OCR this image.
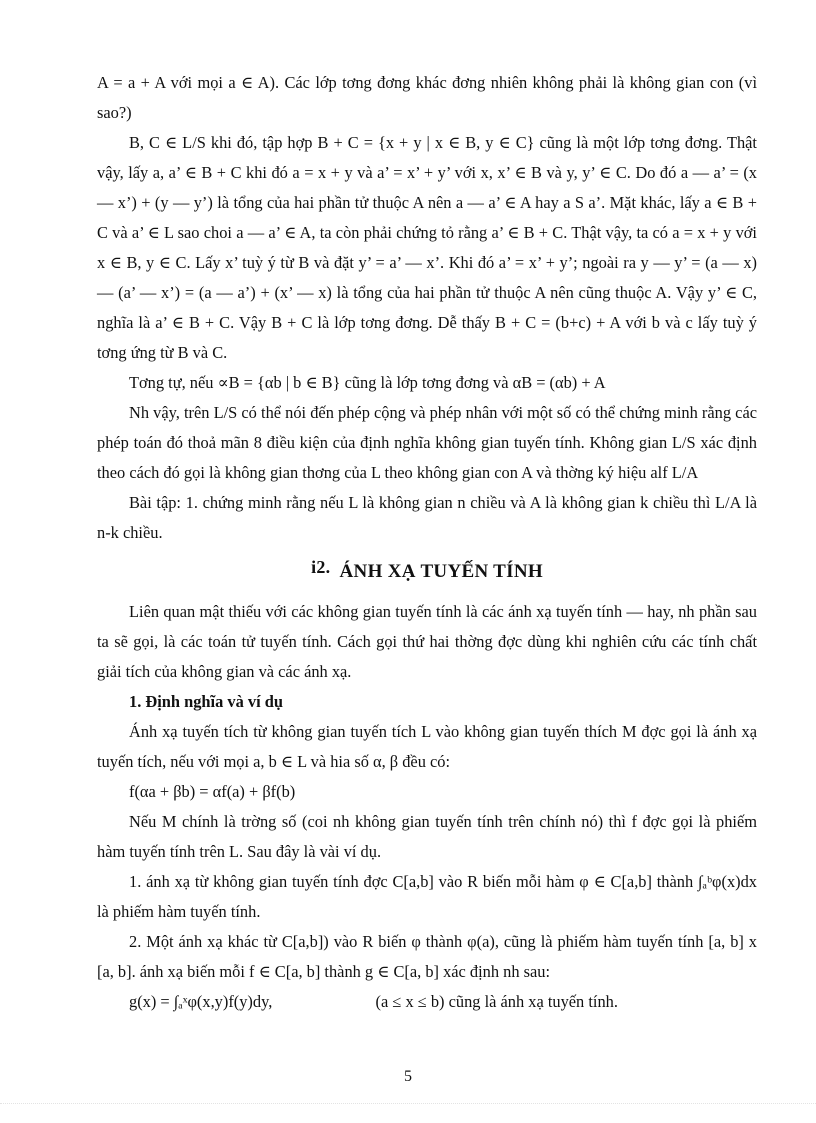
A = a + A với mọi a ∈ A). Các lớp tơng đơng khác đơng nhiên không phải là không gian con (vì sao?)

B, C ∈ L/S khi đó, tập hợp B + C = {x + y | x ∈ B, y ∈ C} cũng là một lớp tơng đơng. Thật vậy, lấy a, a’ ∈ B + C khi đó a = x + y và a’ = x’ + y’ với x, x’ ∈ B và y, y’ ∈ C. Do đó a — a’ = (x — x’) + (y — y’) là tổng của hai phần tử thuộc A nên a — a’ ∈ A hay a S a’. Mặt khác, lấy a ∈ B + C và a’ ∈ L sao choi a — a’ ∈ A, ta còn phải chứng tỏ rằng a’ ∈ B + C. Thật vậy, ta có a = x + y với x ∈ B, y ∈ C. Lấy x’ tuỳ ý từ B và đặt y’ = a’ — x’. Khi đó a’ = x’ + y’; ngoài ra y — y’ = (a — x) — (a’ — x’) = (a — a’) + (x’ — x) là tổng của hai phần tử thuộc A nên cũng thuộc A. Vậy y’ ∈ C, nghĩa là a’ ∈ B + C. Vậy B + C là lớp tơng đơng. Dễ thấy B + C = (b+c) + A với b và c lấy tuỳ ý tơng ứng từ B và C.

Tơng tự, nếu ∝B = {αb | b ∈ B} cũng là lớp tơng đơng và αB = (αb) + A

Nh vậy, trên L/S có thể nói đến phép cộng và phép nhân với một số có thể chứng minh rằng các phép toán đó thoả mãn 8 điều kiện của định nghĩa không gian tuyến tính. Không gian L/S xác định theo cách đó gọi là không gian thơng của L theo không gian con A và thờng ký hiệu alf L/A

Bài tập: 1. chứng minh rằng nếu L là không gian n chiều và A là không gian k chiều thì L/A là n-k chiều.

i2. ÁNH XẠ TUYẾN TÍNH

Liên quan mật thiếu với các không gian tuyến tính là các ánh xạ tuyến tính — hay, nh phần sau ta sẽ gọi, là các toán tử tuyến tính. Cách gọi thứ hai thờng đợc dùng khi nghiên cứu các tính chất giải tích của không gian và các ánh xạ.

1. Định nghĩa và ví dụ

Ánh xạ tuyến tích từ không gian tuyến tích L vào không gian tuyến thích M đợc gọi là ánh xạ tuyến tích, nếu với mọi a, b ∈ L và hia số α, β đều có:

f(αa + βb) = αf(a) + βf(b)

Nếu M chính là trờng số (coi nh không gian tuyến tính trên chính nó) thì f đợc gọi là phiếm hàm tuyến tính trên L. Sau đây là vài ví dụ.

1. ánh xạ từ không gian tuyến tính đợc C[a,b] vào R biến mỗi hàm φ ∈ C[a,b] thành ∫ₐᵇφ(x)dx là phiếm hàm tuyến tính.

2. Một ánh xạ khác từ C[a,b]) vào R biến φ thành φ(a), cũng là phiếm hàm tuyến tính [a, b] x [a, b]. ánh xạ biến mỗi f ∈ C[a, b] thành g ∈ C[a, b] xác định nh sau:

g(x) = ∫ₐˣφ(x,y)f(y)dy,	(a ≤ x ≤ b) cũng là ánh xạ tuyến tính.

5
